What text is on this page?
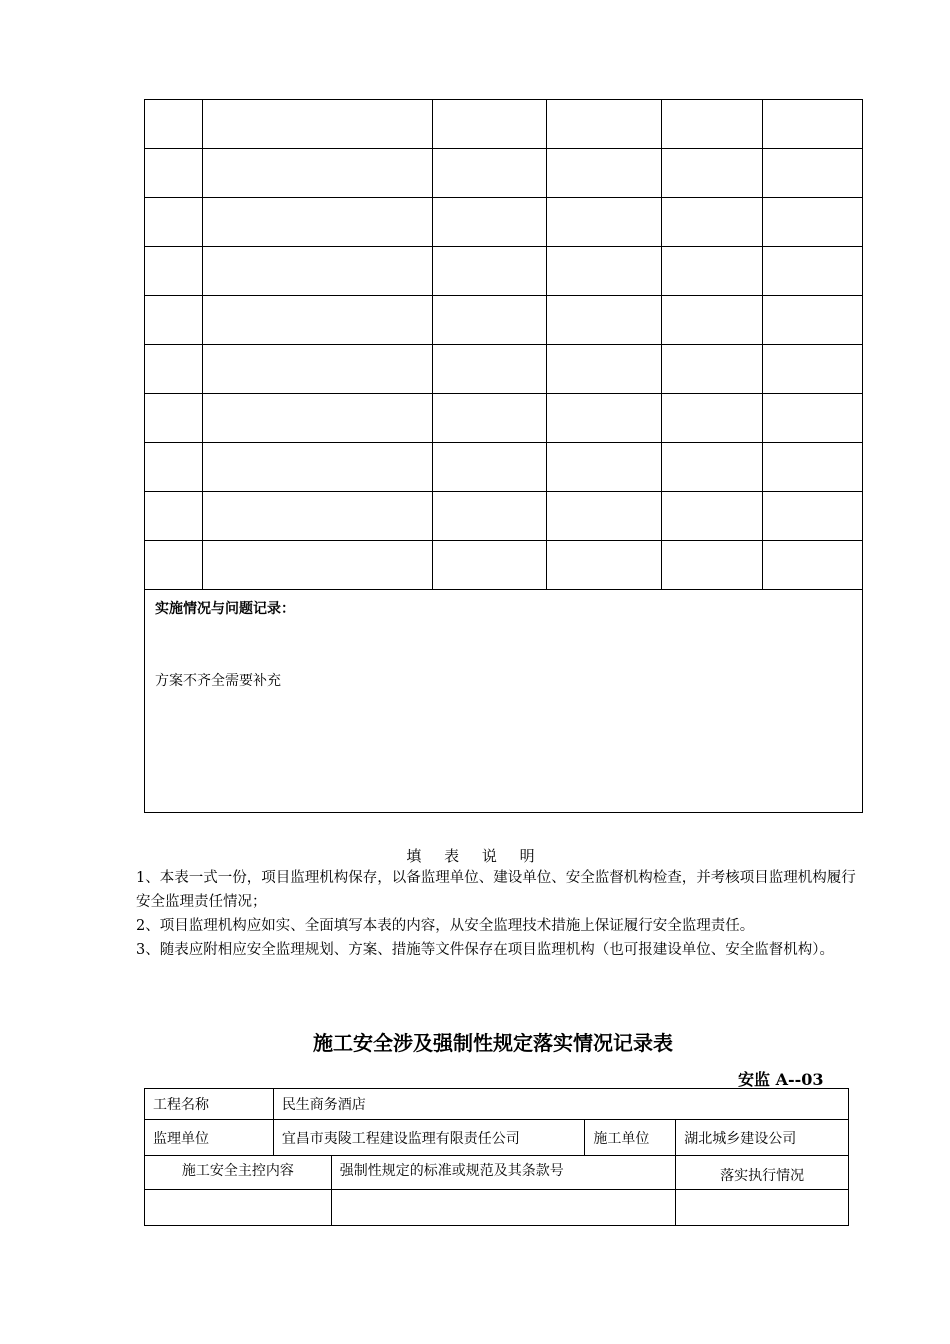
实施情况与问题记录：
方案不齐全需要补充					
填 表 说 明
1、本表一式一份，项目监理机构保存，以备监理单位、建设单位、安全监督机构检查，并考核项目监理机构履行安全监理责任情况；
2、项目监理机构应如实、全面填写本表的内容，从安全监理技术措施上保证履行安全监理责任。
3、随表应附相应安全监理规划、方案、措施等文件保存在项目监理机构（也可报建设单位、安全监督机构）。
施工安全涉及强制性规定落实情况记录表
安监 A--03
工程名称	民生商务酒店		
监理单位	宜昌市夷陵工程建设监理有限责任公司	施工单位	湖北城乡建设公司
施工安全主控内容	强制性规定的标准或规范及其条款号	落实执行情况
